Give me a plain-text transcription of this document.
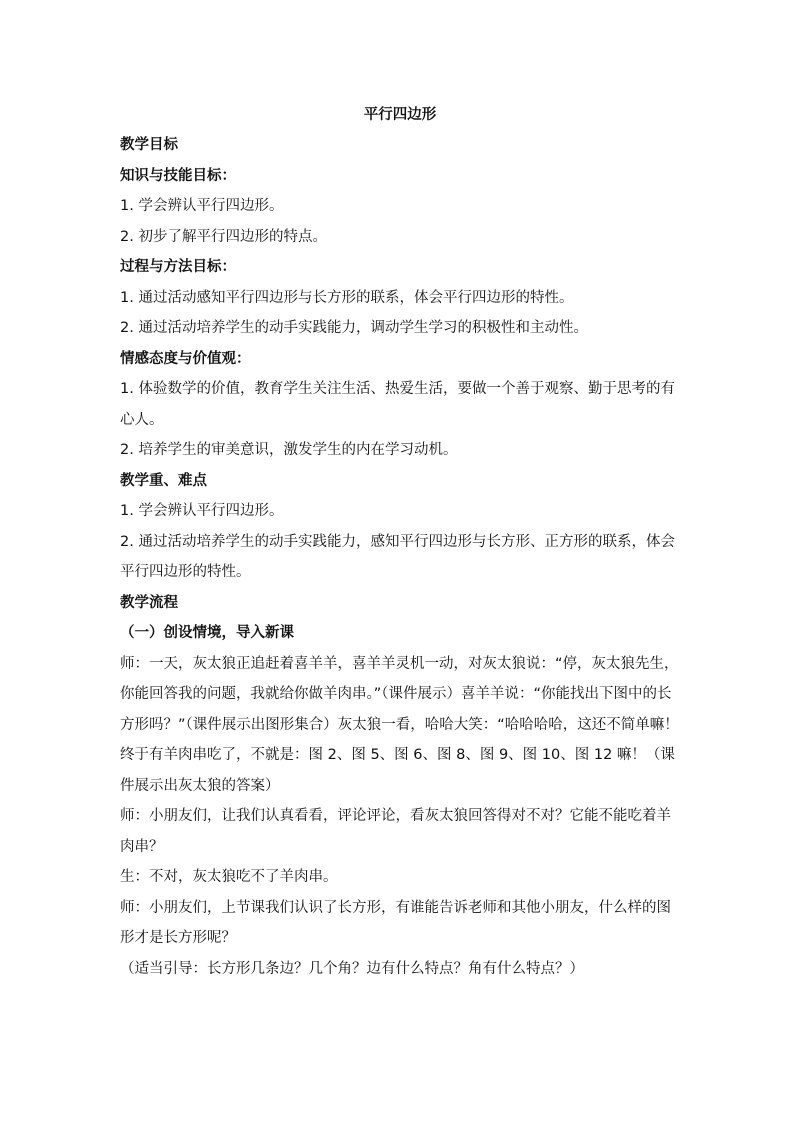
平行四边形

教学目标

知识与技能目标：

1. 学会辨认平行四边形。

2. 初步了解平行四边形的特点。

过程与方法目标：

1. 通过活动感知平行四边形与长方形的联系，体会平行四边形的特性。

2. 通过活动培养学生的动手实践能力，调动学生学习的积极性和主动性。

情感态度与价值观：

1. 体验数学的价值，教育学生关注生活、热爱生活，要做一个善于观察、勤于思考的有心人。

2. 培养学生的审美意识，激发学生的内在学习动机。

教学重、难点

1. 学会辨认平行四边形。

2. 通过活动培养学生的动手实践能力，感知平行四边形与长方形、正方形的联系，体会平行四边形的特性。

教学流程

（一）创设情境，导入新课

师：一天，灰太狼正追赶着喜羊羊，喜羊羊灵机一动，对灰太狼说：“停，灰太狼先生，你能回答我的问题，我就给你做羊肉串。”（课件展示）喜羊羊说：“你能找出下图中的长方形吗？”（课件展示出图形集合）灰太狼一看，哈哈大笑：“哈哈哈哈，这还不简单嘛！终于有羊肉串吃了，不就是：图 2、图 5、图 6、图 8、图 9、图 10、图 12 嘛！（课件展示出灰太狼的答案）

师：小朋友们，让我们认真看看，评论评论，看灰太狼回答得对不对？它能不能吃着羊肉串？

生：不对，灰太狼吃不了羊肉串。

师：小朋友们，上节课我们认识了长方形，有谁能告诉老师和其他小朋友，什么样的图形才是长方形呢？

（适当引导：长方形几条边？几个角？边有什么特点？角有什么特点？）
